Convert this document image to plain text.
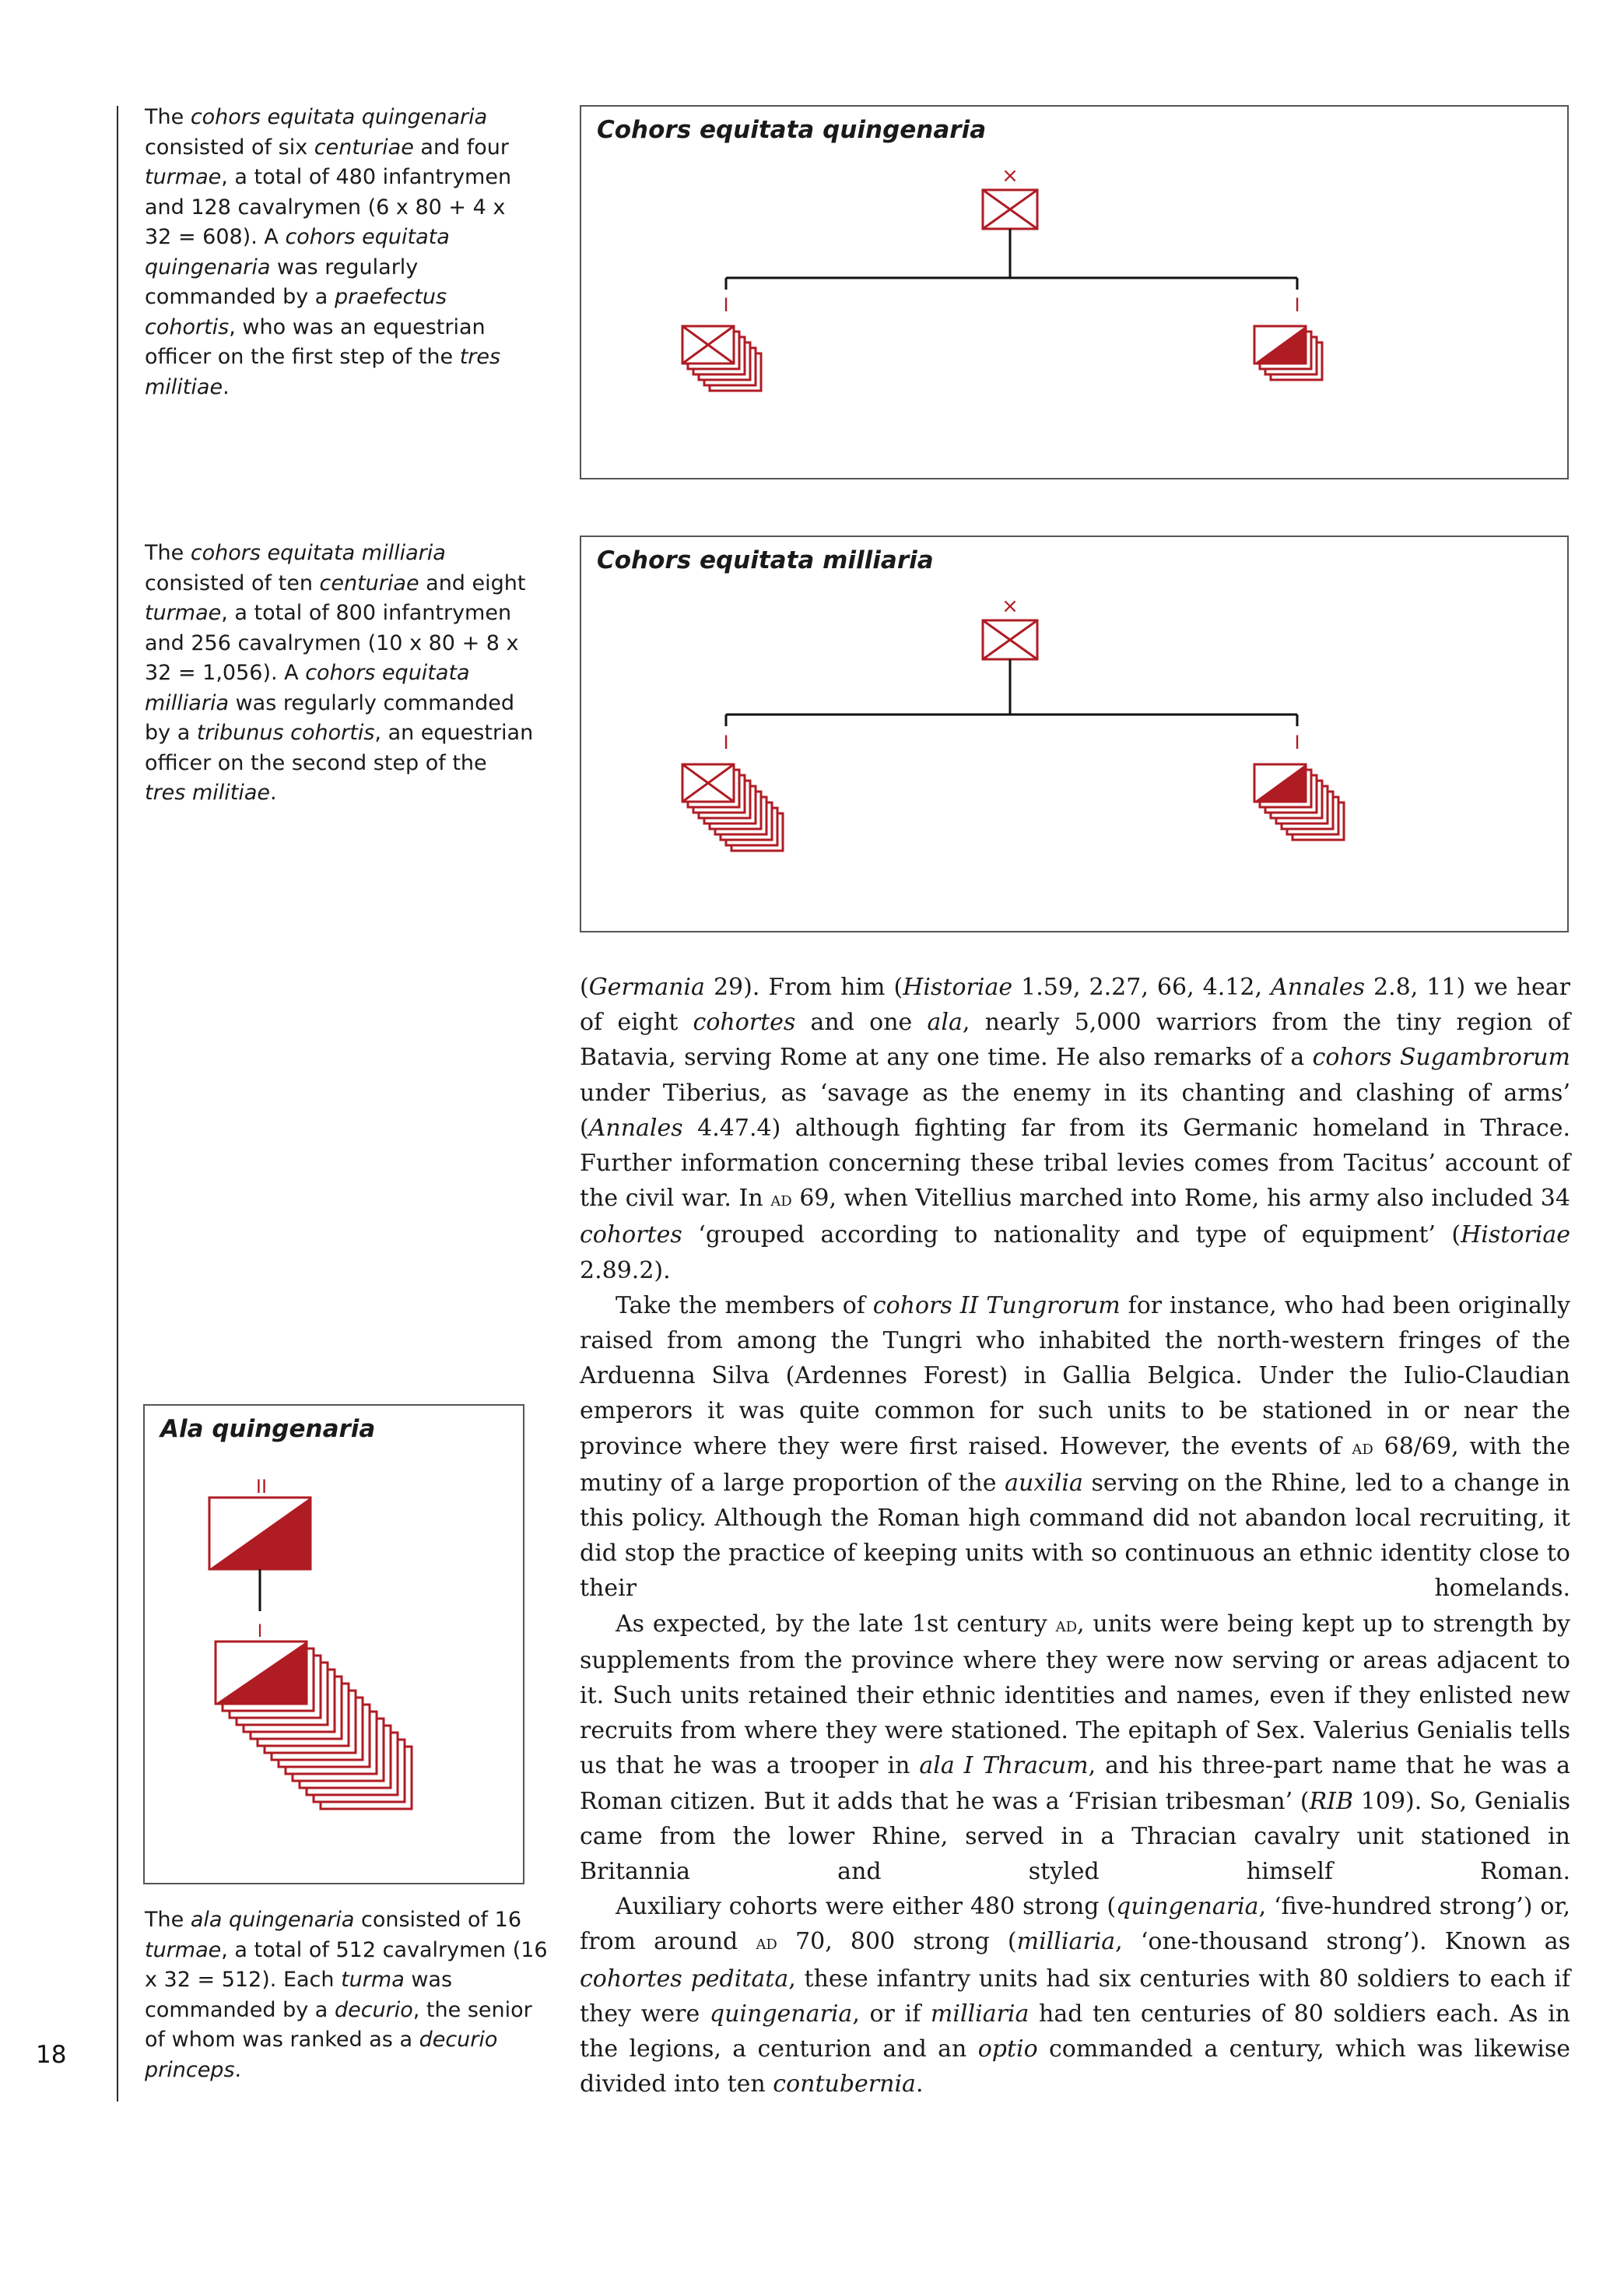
18
The cohors equitata quingenaria consisted of six centuriae and four turmae, a total of 480 infantrymen and 128 cavalrymen (6 x 80 + 4 x 32 = 608). A cohors equitata quingenaria was regularly commanded by a praefectus cohortis, who was an equestrian officer on the first step of the tres militiae.
The cohors equitata milliaria consisted of ten centuriae and eight turmae, a total of 800 infantrymen and 256 cavalrymen (10 x 80 + 8 x 32 = 1,056). A cohors equitata milliaria was regularly commanded by a tribunus cohortis, an equestrian officer on the second step of the tres militiae.
The ala quingenaria consisted of 16 turmae, a total of 512 cavalrymen (16 x 32 = 512). Each turma was commanded by a decurio, the senior of whom was ranked as a decurio princeps.
Cohors equitata quingenaria
×
I	I
Cohors equitata milliaria
×
I	I
Ala quingenaria
II
I

(Germania 29). From him (Historiae 1.59, 2.27, 66, 4.12, Annales 2.8, 11) we hear of eight cohortes and one ala, nearly 5,000 warriors from the tiny region of Batavia, serving Rome at any one time. He also remarks of a cohors Sugambrorum under Tiberius, as ‘savage as the enemy in its chanting and clashing of arms’ (Annales 4.47.4) although fighting far from its Germanic homeland in Thrace. Further information concerning these tribal levies comes from Tacitus’ account of the civil war. In ad 69, when Vitellius marched into Rome, his army also included 34 cohortes ‘grouped according to nationality and type of equipment’ (Historiae 2.89.2).

Take the members of cohors II Tungrorum for instance, who had been originally raised from among the Tungri who inhabited the north-western fringes of the Arduenna Silva (Ardennes Forest) in Gallia Belgica. Under the Iulio-Claudian emperors it was quite common for such units to be stationed in or near the province where they were first raised. However, the events of ad 68/69, with the mutiny of a large proportion of the auxilia serving on the Rhine, led to a change in this policy. Although the Roman high command did not abandon local recruiting, it did stop the practice of keeping units with so continuous an ethnic identity close to their homelands.

As expected, by the late 1st century ad, units were being kept up to strength by supplements from the province where they were now serving or areas adjacent to it. Such units retained their ethnic identities and names, even if they enlisted new recruits from where they were stationed. The epitaph of Sex. Valerius Genialis tells us that he was a trooper in ala I Thracum, and his three-part name that he was a Roman citizen. But it adds that he was a ‘Frisian tribesman’ (RIB 109). So, Genialis came from the lower Rhine, served in a Thracian cavalry unit stationed in Britannia and styled himself Roman.

Auxiliary cohorts were either 480 strong (quingenaria, ‘five-hundred strong’) or, from around ad 70, 800 strong (milliaria, ‘one-thousand strong’). Known as cohortes peditata, these infantry units had six centuries with 80 soldiers to each if they were quingenaria, or if milliaria had ten centuries of 80 soldiers each. As in the legions, a centurion and an optio commanded a century, which was likewise divided into ten contubernia.
